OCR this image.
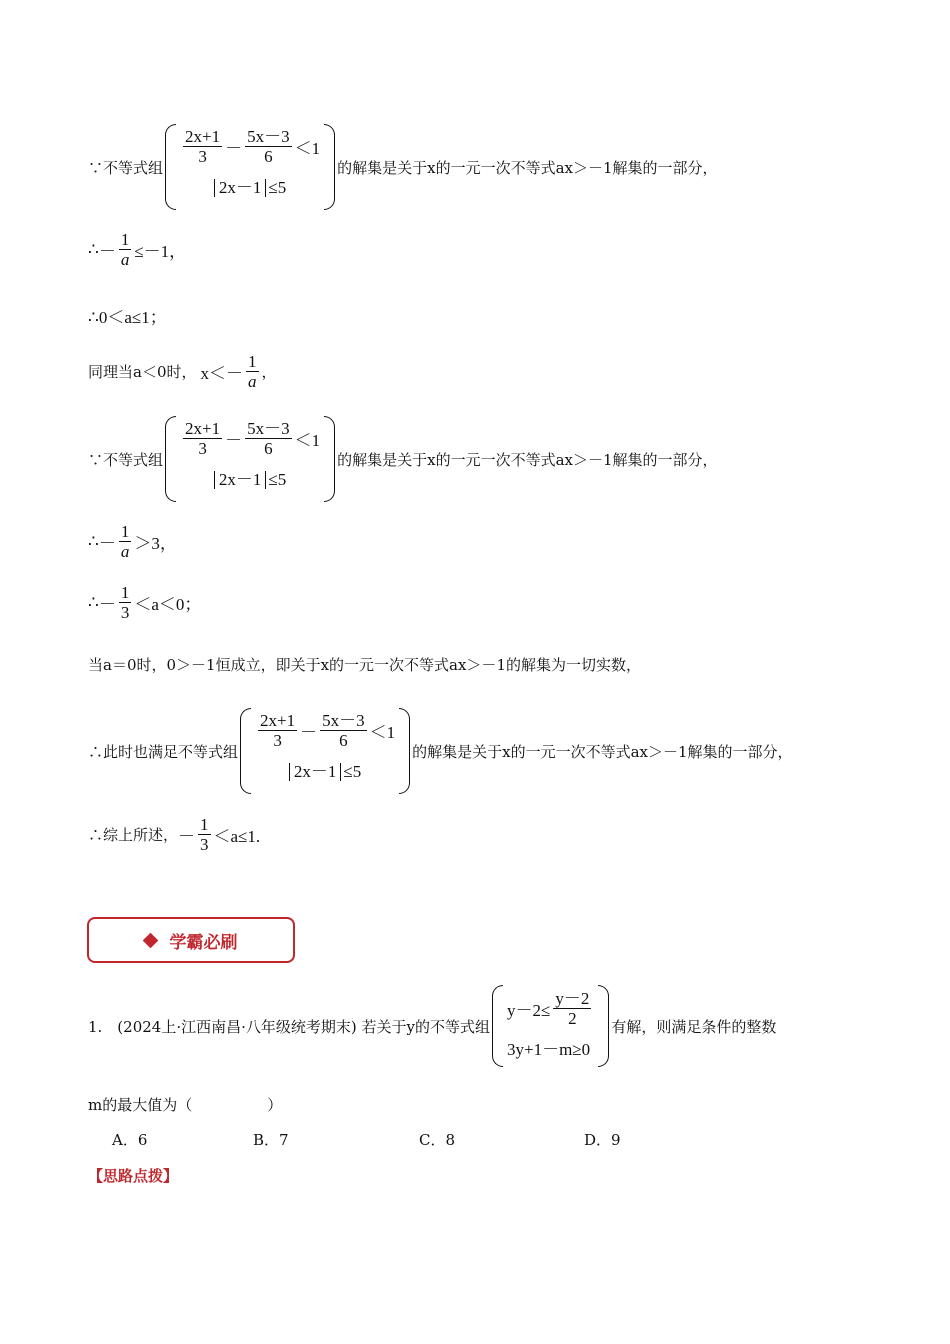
∵不等式组
$\frac{2x+1}{3} - \frac{5x-3}{6} <1$
2x－1 ≤5
的解集是关于x的一元一次不等式ax＞－1解集的一部分，
∴ － $\frac{1}{a} \le-1$，
∴0＜a≤1；
同理当a＜0时， $x<- \frac{1}{a}$ ，
∵不等式组
$\frac{2x+1}{3} - \frac{5x-3}{6} <1$
2x－1 ≤5
的解集是关于x的一元一次不等式ax＞－1解集的一部分，
∴ － $\frac{1}{a} >3$，
∴ － $\frac{1}{3} <a<0$；
当a＝0时，0＞－1恒成立，即关于x的一元一次不等式ax＞－1的解集为一切实数，
∴此时也满足不等式组
$\frac{2x+1}{3} - \frac{5x-3}{6} <1$
2x－1 ≤5
的解集是关于x的一元一次不等式ax＞－1解集的一部分，
∴综上所述， － $\frac{1}{3} <a\le 1$.
学霸必刷
1.　(2024上·江西南昌·八年级统考期末) 若关于y的不等式组
$y-2\le \frac{y-2}{2}$
3y+1－m≥0
有解，则满足条件的整数
m的最大值为（　　　　　）
A．6	B．7	C．8	D．9
【思路点拨】
